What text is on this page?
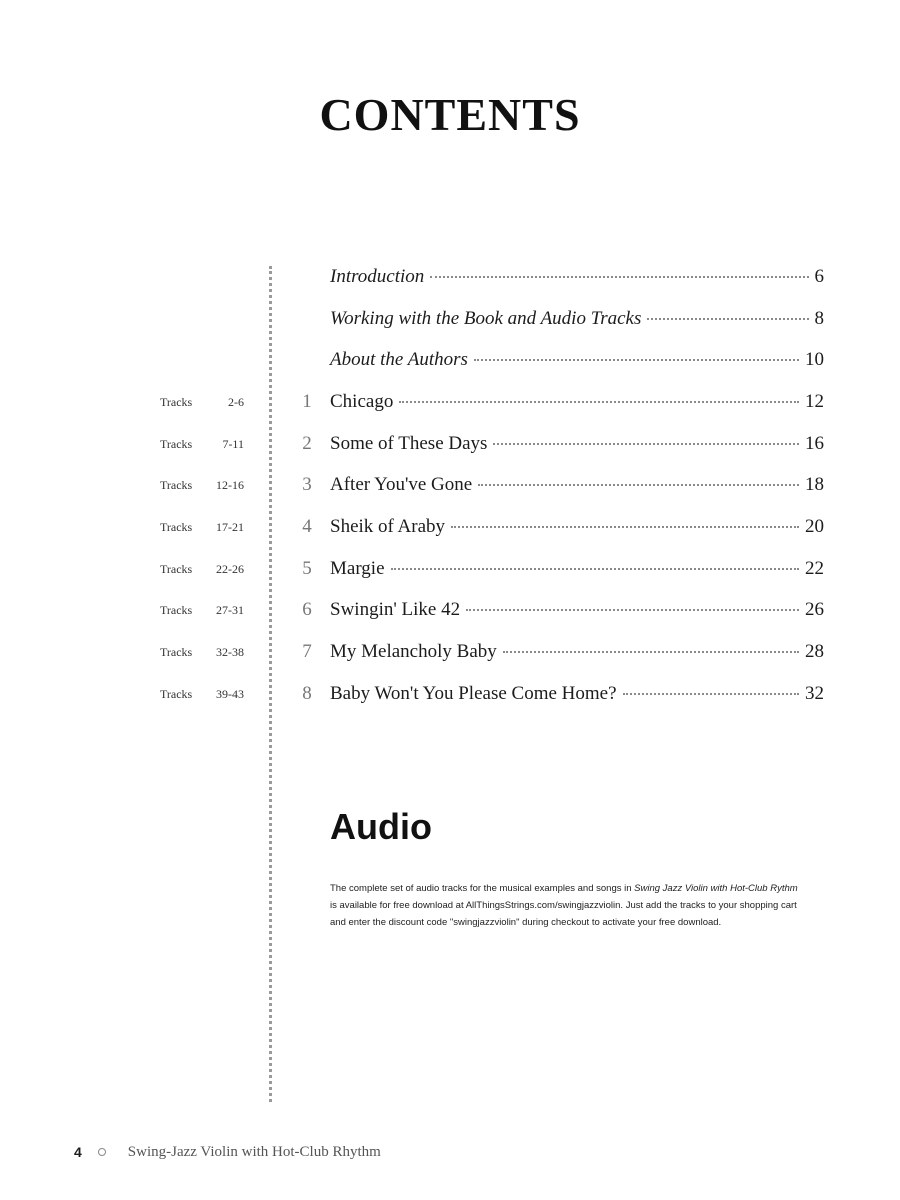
CONTENTS
Introduction	6
Working with the Book and Audio Tracks	8
About the Authors	10
Tracks	2-6	1 Chicago	12
Tracks	7-11	2 Some of These Days	16
Tracks 12-16	3 After You've Gone	18
Tracks 17-21	4 Sheik of Araby	20
Tracks 22-26	5 Margie	22
Tracks 27-31	6 Swingin' Like 42	26
Tracks 32-38	7 My Melancholy Baby	28
Tracks 39-43	8 Baby Won't You Please Come Home?	32
Audio
The complete set of audio tracks for the musical examples and songs in Swing Jazz Violin with Hot-Club Rythm is available for free download at AllThingsStrings.com/swingjazzviolin. Just add the tracks to your shopping cart and enter the discount code "swingjazzviolin" during checkout to activate your free download.
4	Swing-Jazz Violin with Hot-Club Rhythm
